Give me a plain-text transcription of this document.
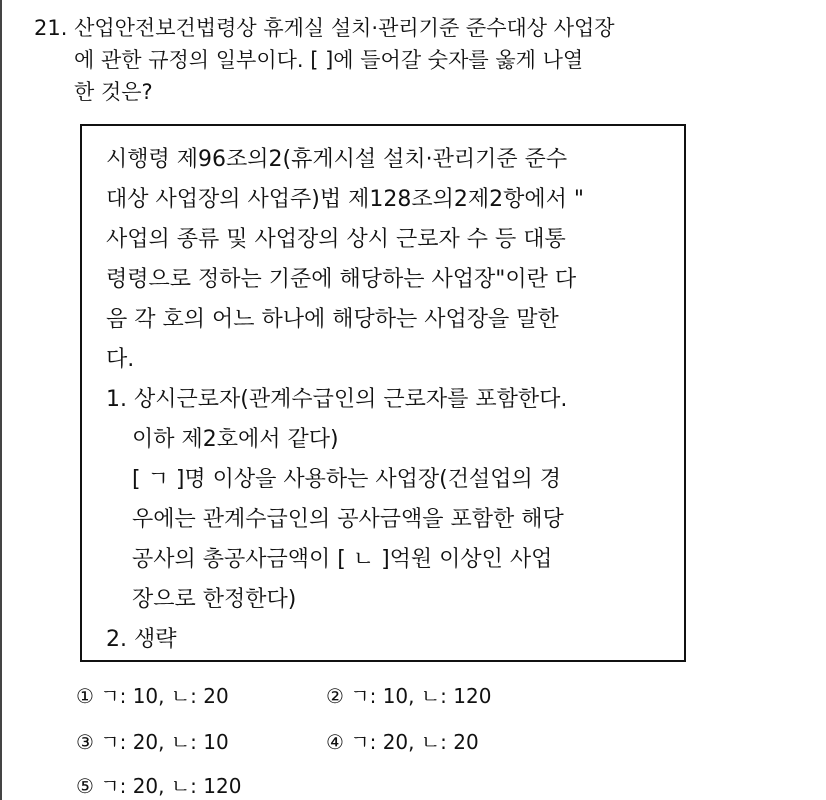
21. 산업안전보건법령상 휴게실 설치·관리기준 준수대상 사업장
에 관한 규정의 일부이다. [ ]에 들어갈 숫자를 옳게 나열
한 것은?
시행령 제96조의2(휴게시설 설치·관리기준 준수
대상 사업장의 사업주)법 제128조의2제2항에서 "
사업의 종류 및 사업장의 상시 근로자 수 등 대통
령령으로 정하는 기준에 해당하는 사업장"이란 다
음 각 호의 어느 하나에 해당하는 사업장을 말한
다.
1. 상시근로자(관계수급인의 근로자를 포함한다.
이하 제2호에서 같다)
[ ㄱ ]명 이상을 사용하는 사업장(건설업의 경
우에는 관계수급인의 공사금액을 포함한 해당
공사의 총공사금액이 [ ㄴ ]억원 이상인 사업
장으로 한정한다)
2. 생략
① ㄱ: 10, ㄴ: 20	② ㄱ: 10, ㄴ: 120
③ ㄱ: 20, ㄴ: 10	④ ㄱ: 20, ㄴ: 20
⑤ ㄱ: 20, ㄴ: 120
